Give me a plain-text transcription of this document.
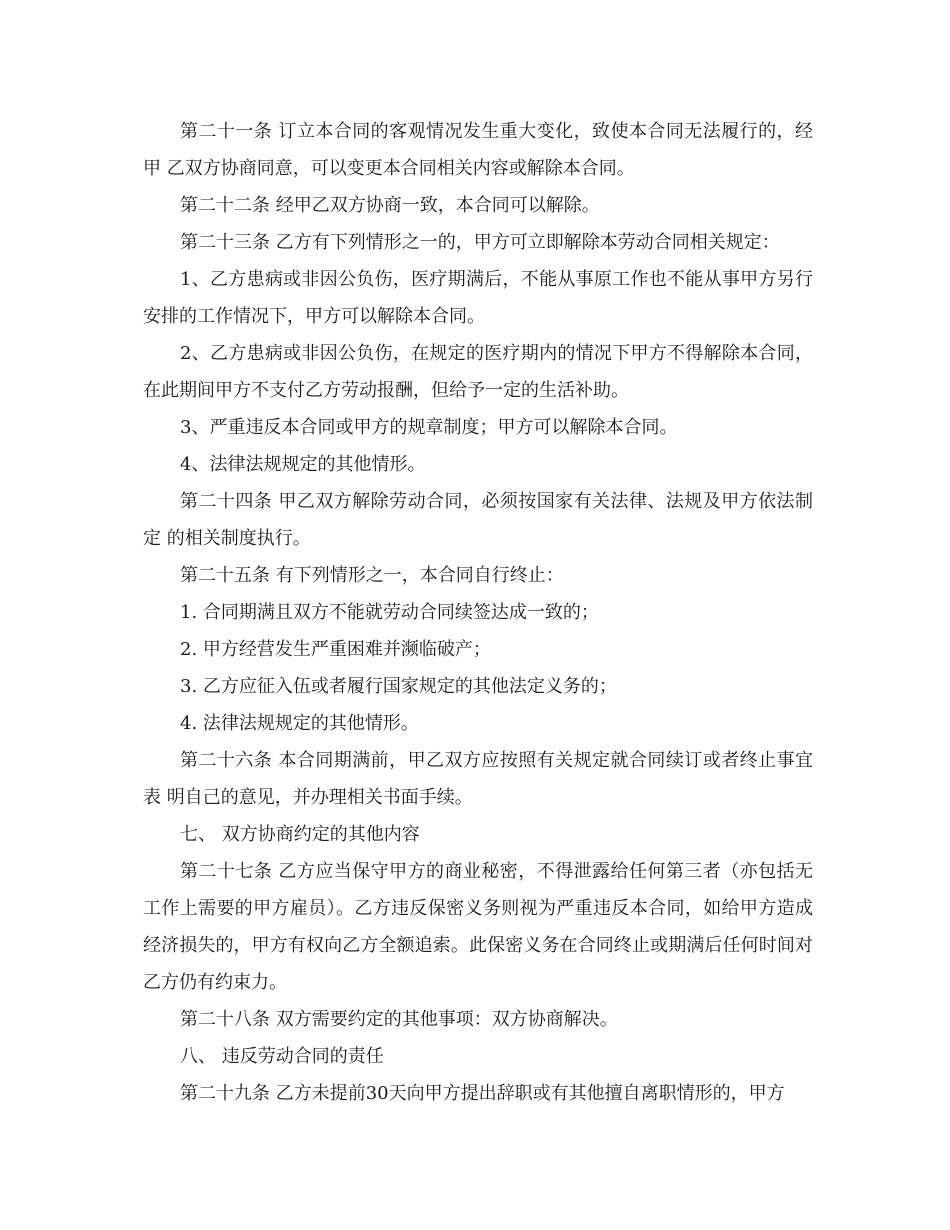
第二十一条 订立本合同的客观情况发生重大变化，致使本合同无法履行的，经甲 乙双方协商同意，可以变更本合同相关内容或解除本合同。

第二十二条 经甲乙双方协商一致，本合同可以解除。

第二十三条 乙方有下列情形之一的，甲方可立即解除本劳动合同相关规定：

1、乙方患病或非因公负伤，医疗期满后，不能从事原工作也不能从事甲方另行安排的工作情况下，甲方可以解除本合同。

2、乙方患病或非因公负伤，在规定的医疗期内的情况下甲方不得解除本合同，在此期间甲方不支付乙方劳动报酬，但给予一定的生活补助。

3、严重违反本合同或甲方的规章制度；甲方可以解除本合同。

4、法律法规规定的其他情形。

第二十四条 甲乙双方解除劳动合同，必须按国家有关法律、法规及甲方依法制定 的相关制度执行。

第二十五条 有下列情形之一，本合同自行终止：

1. 合同期满且双方不能就劳动合同续签达成一致的；

2. 甲方经营发生严重困难并濒临破产；

3. 乙方应征入伍或者履行国家规定的其他法定义务的；

4. 法律法规规定的其他情形。

第二十六条 本合同期满前，甲乙双方应按照有关规定就合同续订或者终止事宜表 明自己的意见，并办理相关书面手续。

七、 双方协商约定的其他内容

第二十七条 乙方应当保守甲方的商业秘密，不得泄露给任何第三者（亦包括无工作上需要的甲方雇员）。乙方违反保密义务则视为严重违反本合同，如给甲方造成经济损失的，甲方有权向乙方全额追索。此保密义务在合同终止或期满后任何时间对乙方仍有约束力。

第二十八条 双方需要约定的其他事项：双方协商解决。

八、 违反劳动合同的责任

第二十九条 乙方未提前30天向甲方提出辞职或有其他擅自离职情形的，甲方
